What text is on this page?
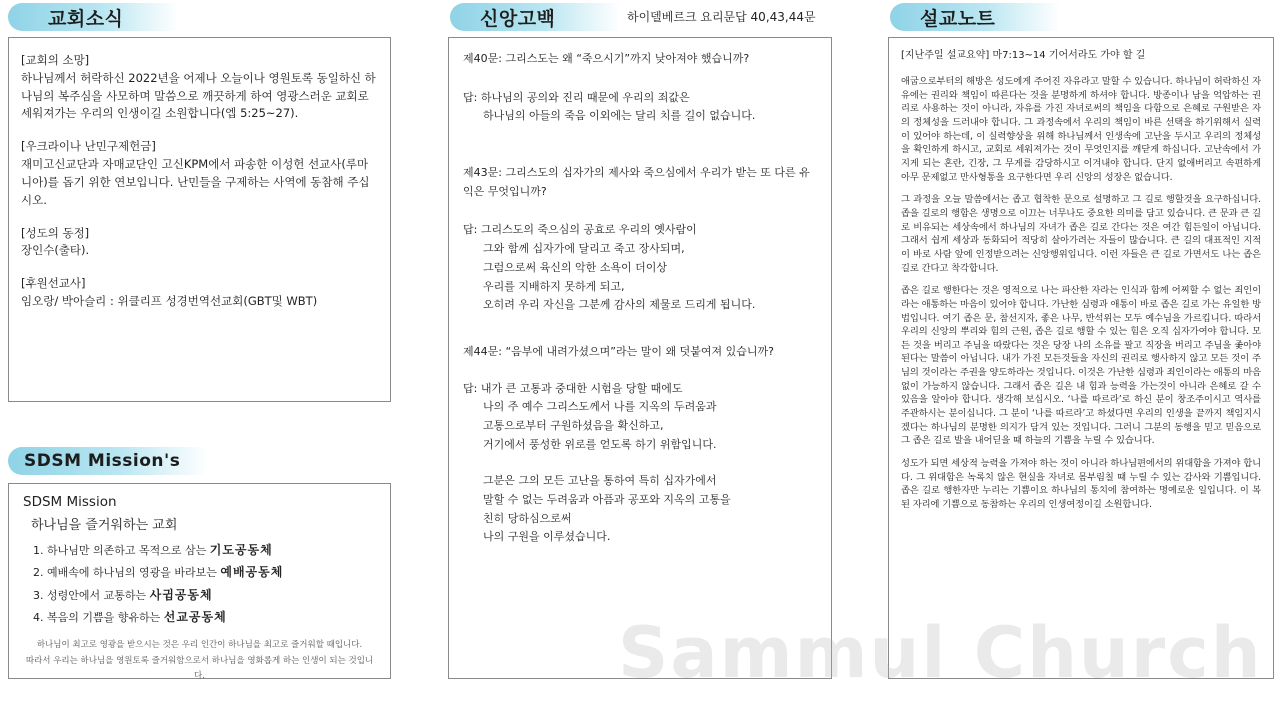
교회소식

[교회의 소망]

하나님께서 허락하신 2022년을 어제나 오늘이나 영원토록 동일하신 하나님의 복주심을 사모하며 말씀으로 깨끗하게 하여 영광스러운 교회로 세워져가는 우리의 인생이길 소원합니다(엡 5:25~27).

[우크라이나 난민구제헌금]

재미고신교단과 자매교단인 고신KPM에서 파송한 이성헌 선교사(루마니아)를 돕기 위한 연보입니다. 난민들을 구제하는 사역에 동참해 주십시오.

[성도의 동정]

장인수(출타).

[후원선교사]

임오랑/ 박아슬리 : 위클리프 성경번역선교회(GBT및 WBT)

SDSM Mission's

SDSM Mission

하나님을 즐거워하는 교회

1. 하나님만 의존하고 목적으로 삼는 기도공동체

2. 예배속에 하나님의 영광을 바라보는 예배공동체

3. 성령안에서 교통하는 사귐공동체

4. 복음의 기쁨을 향유하는 선교공동체

하나님이 최고로 영광을 받으시는 것은 우리 인간이 하나님을 최고로 즐거워할 때입니다.

따라서 우리는 하나님을 영원토록 즐거워함으로서 하나님을 영화롭게 하는 인생이 되는 것입니다.

신앙고백	하이델베르크 요리문답 40,43,44문

제40문: 그리스도는 왜 “죽으시기”까지 낮아져야 했습니까?

답: 하나님의 공의와 진리 때문에 우리의 죄값은

하나님의 아들의 죽음 이외에는 달리 치를 길이 없습니다.

제43문: 그리스도의 십자가의 제사와 죽으심에서 우리가 받는 또 다른 유익은 무엇입니까?

답: 그리스도의 죽으심의 공효로 우리의 옛사람이

그와 함께 십자가에 달리고 죽고 장사되며,

그럼으로써 육신의 악한 소욕이 더이상

우리를 지배하지 못하게 되고,

오히려 우리 자신을 그분께 감사의 제물로 드리게 됩니다.

제44문: “음부에 내려가셨으며”라는 말이 왜 덧붙여져 있습니까?

답: 내가 큰 고통과 중대한 시험을 당할 때에도

나의 주 예수 그리스도께서 나를 지옥의 두려움과

고통으로부터 구원하셨음을 확신하고,

거기에서 풍성한 위로를 얻도록 하기 위함입니다.

그분은 그의 모든 고난을 통하여 특히 십자가에서

말할 수 없는 두려움과 아픔과 공포와 지옥의 고통을

친히 당하심으로써

나의 구원을 이루셨습니다.

설교노트

[지난주일 설교요약] 마7:13~14 기어서라도 가야 할 길

애굽으로부터의 해방은 성도에게 주어진 자유라고 말할 수 있습니다. 하나님이 허락하신 자유에는 권리와 책임이 따른다는 것을 분명하게 하셔야 합니다. 방종이나 남을 억압하는 권리로 사용하는 것이 아니라, 자유를 가진 자녀로써의 책임을 다함으로 은혜로 구원받은 자의 정체성을 드러내야 합니다. 그 과정속에서 우리의 책임이 바른 선택을 하기위해서 실력이 있어야 하는데, 이 실력향상을 위해 하나님께서 인생속에 고난을 두시고 우리의 정체성을 확인하게 하시고, 교회로 세워져가는 것이 무엇인지를 깨닫게 하십니다. 고난속에서 가지게 되는 혼란, 긴장, 그 무게를 감당하시고 이겨내야 합니다. 단지 없애버리고 속편하게 아무 문제없고 만사형통을 요구한다면 우리 신앙의 성장은 없습니다.

그 과정을 오늘 말씀에서는 좁고 협착한 문으로 설명하고 그 길로 행할것을 요구하십니다. 좁을 길로의 행함은 생명으로 이끄는 너무나도 중요한 의미를 담고 있습니다. 큰 문과 큰 길로 비유되는 세상속에서 하나님의 자녀가 좁은 길로 간다는 것은 여간 힘든일이 아닙니다. 그래서 쉽게 세상과 동화되어 적당히 살아가려는 자들이 많습니다. 큰 길의 대표적인 지적이 바로 사람 앞에 인정받으려는 신앙행위입니다. 이런 자들은 큰 길로 가면서도 나는 좁은 길로 간다고 착각합니다.

좁은 길로 행한다는 것은 영적으로 나는 파산한 자라는 인식과 함께 어찌할 수 없는 죄인이라는 애통하는 마음이 있어야 합니다. 가난한 심령과 애통이 바로 좁은 길로 가는 유일한 방법입니다. 여기 좁은 문, 참선지자, 좋은 나무, 반석위는 모두 예수님을 가르킵니다. 따라서 우리의 신앙의 뿌리와 힘의 근원, 좁은 길로 행할 수 있는 힘은 오직 십자가여야 합니다. 모든 것을 버리고 주님을 따랐다는 것은 당장 나의 소유를 팔고 직장을 버리고 주님을 좇아야 된다는 말씀이 아닙니다. 내가 가진 모든것들을 자신의 권리로 행사하지 않고 모든 것이 주님의 것이라는 주권을 양도하라는 것입니다. 이것은 가난한 심령과 죄인이라는 애통의 마음없이 가능하지 않습니다. 그래서 좁은 길은 내 힘과 능력을 가는것이 아니라 은혜로 갈 수 있음을 알아야 합니다. 생각해 보십시오. ‘나를 따르라’로 하신 분이 창조주이시고 역사를 주관하시는 분이십니다. 그 분이 ‘나를 따르라’고 하셨다면 우리의 인생을 끝까지 책임지시겠다는 하나님의 분명한 의지가 담겨 있는 것입니다. 그러니 그분의 동행을 믿고 믿음으로 그 좁은 길로 발을 내어딛을 때 하늘의 기쁨을 누릴 수 있습니다.

성도가 되면 세상적 능력을 가져야 하는 것이 아니라 하나님편에서의 위대함을 가져야 합니다. 그 위대함은 녹록치 않은 현실을 자녀로 몸부림칠 때 누릴 수 있는 감사와 기쁨입니다. 좁은 길로 행한자만 누리는 기쁨이요 하나님의 통치에 참여하는 명예로운 일입니다. 이 복된 자리에 기쁨으로 동참하는 우리의 인생여정이길 소원합니다.

Sammul Church
